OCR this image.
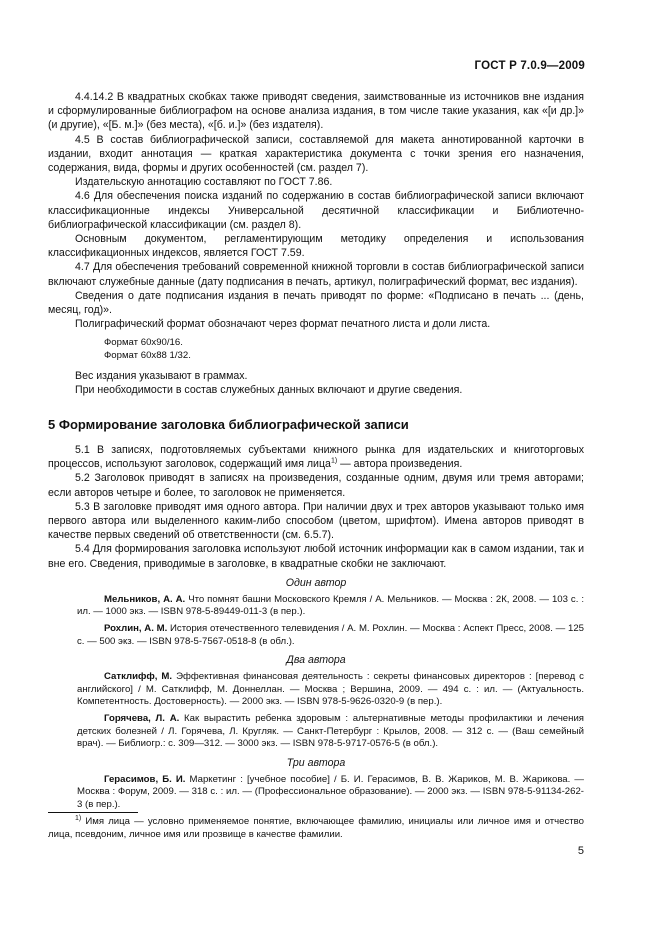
ГОСТ Р 7.0.9—2009

4.4.14.2 В квадратных скобках также приводят сведения, заимствованные из источников вне издания и сформулированные библиографом на основе анализа издания, в том числе такие указания, как «[и др.]» (и другие), «[Б. м.]» (без места), «[б. и.]» (без издателя).

4.5 В состав библиографической записи, составляемой для макета аннотированной карточки в издании, входит аннотация — краткая характеристика документа с точки зрения его назначения, содержания, вида, формы и других особенностей (см. раздел 7).

Издательскую аннотацию составляют по ГОСТ 7.86.

4.6 Для обеспечения поиска изданий по содержанию в состав библиографической записи включают классификационные индексы Универсальной десятичной классификации и Библиотечно-библиографической классификации (см. раздел 8).

Основным документом, регламентирующим методику определения и использования классификационных индексов, является ГОСТ 7.59.

4.7 Для обеспечения требований современной книжной торговли в состав библиографической записи включают служебные данные (дату подписания в печать, артикул, полиграфический формат, вес издания).

Сведения о дате подписания издания в печать приводят по форме: «Подписано в печать ... (день, месяц, год)».

Полиграфический формат обозначают через формат печатного листа и доли листа.

Формат 60х90/16.

Формат 60х88 1/32.

Вес издания указывают в граммах.

При необходимости в состав служебных данных включают и другие сведения.

5 Формирование заголовка библиографической записи

5.1 В записях, подготовляемых субъектами книжного рынка для издательских и книготорговых процессов, используют заголовок, содержащий имя лица$^{1)}$ — автора произведения.

5.2 Заголовок приводят в записях на произведения, созданные одним, двумя или тремя авторами; если авторов четыре и более, то заголовок не применяется.

5.3 В заголовке приводят имя одного автора. При наличии двух и трех авторов указывают только имя первого автора или выделенного каким-либо способом (цветом, шрифтом). Имена авторов приводят в качестве первых сведений об ответственности (см. 6.5.7).

5.4 Для формирования заголовка используют любой источник информации как в самом издании, так и вне его. Сведения, приводимые в заголовке, в квадратные скобки не заключают.

Один автор

Мельников, А. А. Что помнят башни Московского Кремля / А. Мельников. — Москва : 2К, 2008. — 103 с. : ил. — 1000 экз. — ISBN 978-5-89449-011-3 (в пер.).

Рохлин, А. М. История отечественного телевидения / А. М. Рохлин. — Москва : Аспект Пресс, 2008. — 125 с. — 500 экз. — ISBN 978-5-7567-0518-8 (в обл.).

Два автора

Сатклифф, М. Эффективная финансовая деятельность : секреты финансовых директоров : [перевод с английского] / М. Сатклифф, М. Доннеллан. — Москва ; Вершина, 2009. — 494 с. : ил. — (Актуальность. Компетентность. Достоверность). — 2000 экз. — ISBN 978-5-9626-0320-9 (в пер.).

Горячева, Л. А. Как вырастить ребенка здоровым : альтернативные методы профилактики и лечения детских болезней / Л. Горячева, Л. Кругляк. — Санкт-Петербург : Крылов, 2008. — 312 с. — (Ваш семейный врач). — Библиогр.: с. 309—312. — 3000 экз. — ISBN 978-5-9717-0576-5 (в обл.).

Три автора

Герасимов, Б. И. Маркетинг : [учебное пособие] / Б. И. Герасимов, В. В. Жариков, М. В. Жарикова. — Москва : Форум, 2009. — 318 с. : ил. — (Профессиональное образование). — 2000 экз. — ISBN 978-5-91134-262-3 (в пер.).

$^{1)}$ Имя лица — условно применяемое понятие, включающее фамилию, инициалы или личное имя и отчество лица, псевдоним, личное имя или прозвище в качестве фамилии.

5
